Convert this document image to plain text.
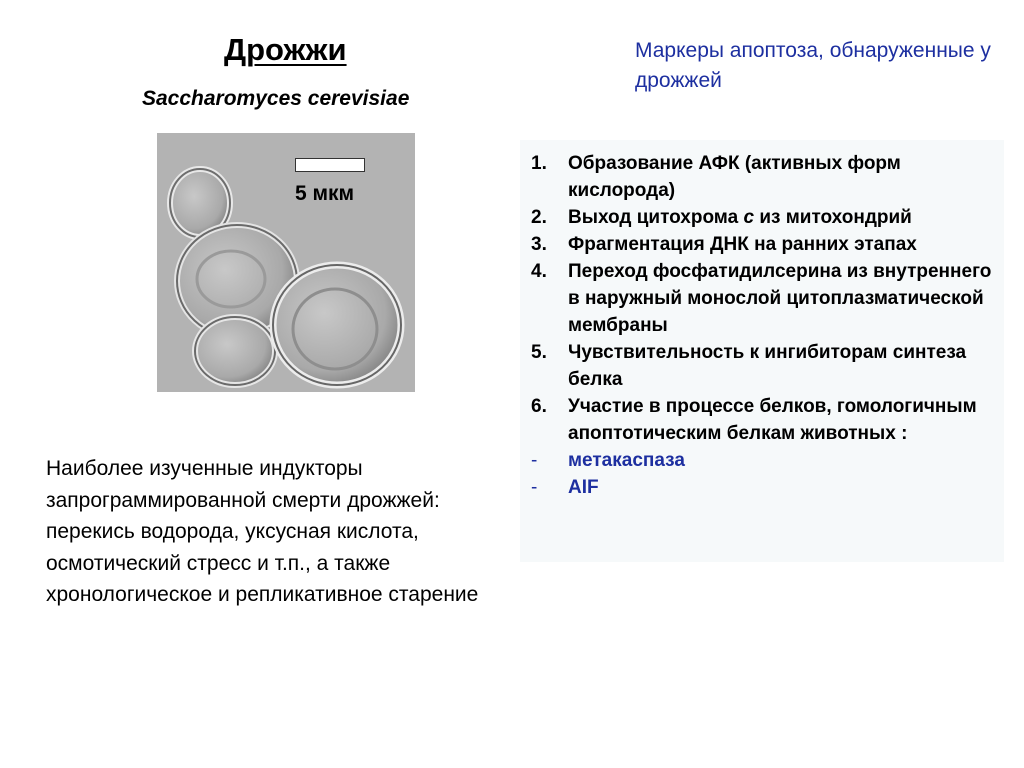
Дрожжи
Saccharomyces cerevisiae
Маркеры апоптоза, обнаруженные у дрожжей
5 мкм
Наиболее изученные индукторы запрограммированной смерти дрожжей: перекись водорода, уксусная кислота, осмотический стресс и т.п., а также хронологическое и репликативное старение
1.	Образование АФК (активных форм кислорода)
2.	Выход цитохрома с из митохондрий
3.	Фрагментация ДНК на ранних этапах
4.	Переход фосфатидилсерина из внутреннего в наружный монослой цитоплазматической мембраны
5.	Чувствительность к ингибиторам синтеза белка
6.	Участие в процессе белков, гомологичным апоптотическим белкам животных :
-	метакаспаза
-	AIF
